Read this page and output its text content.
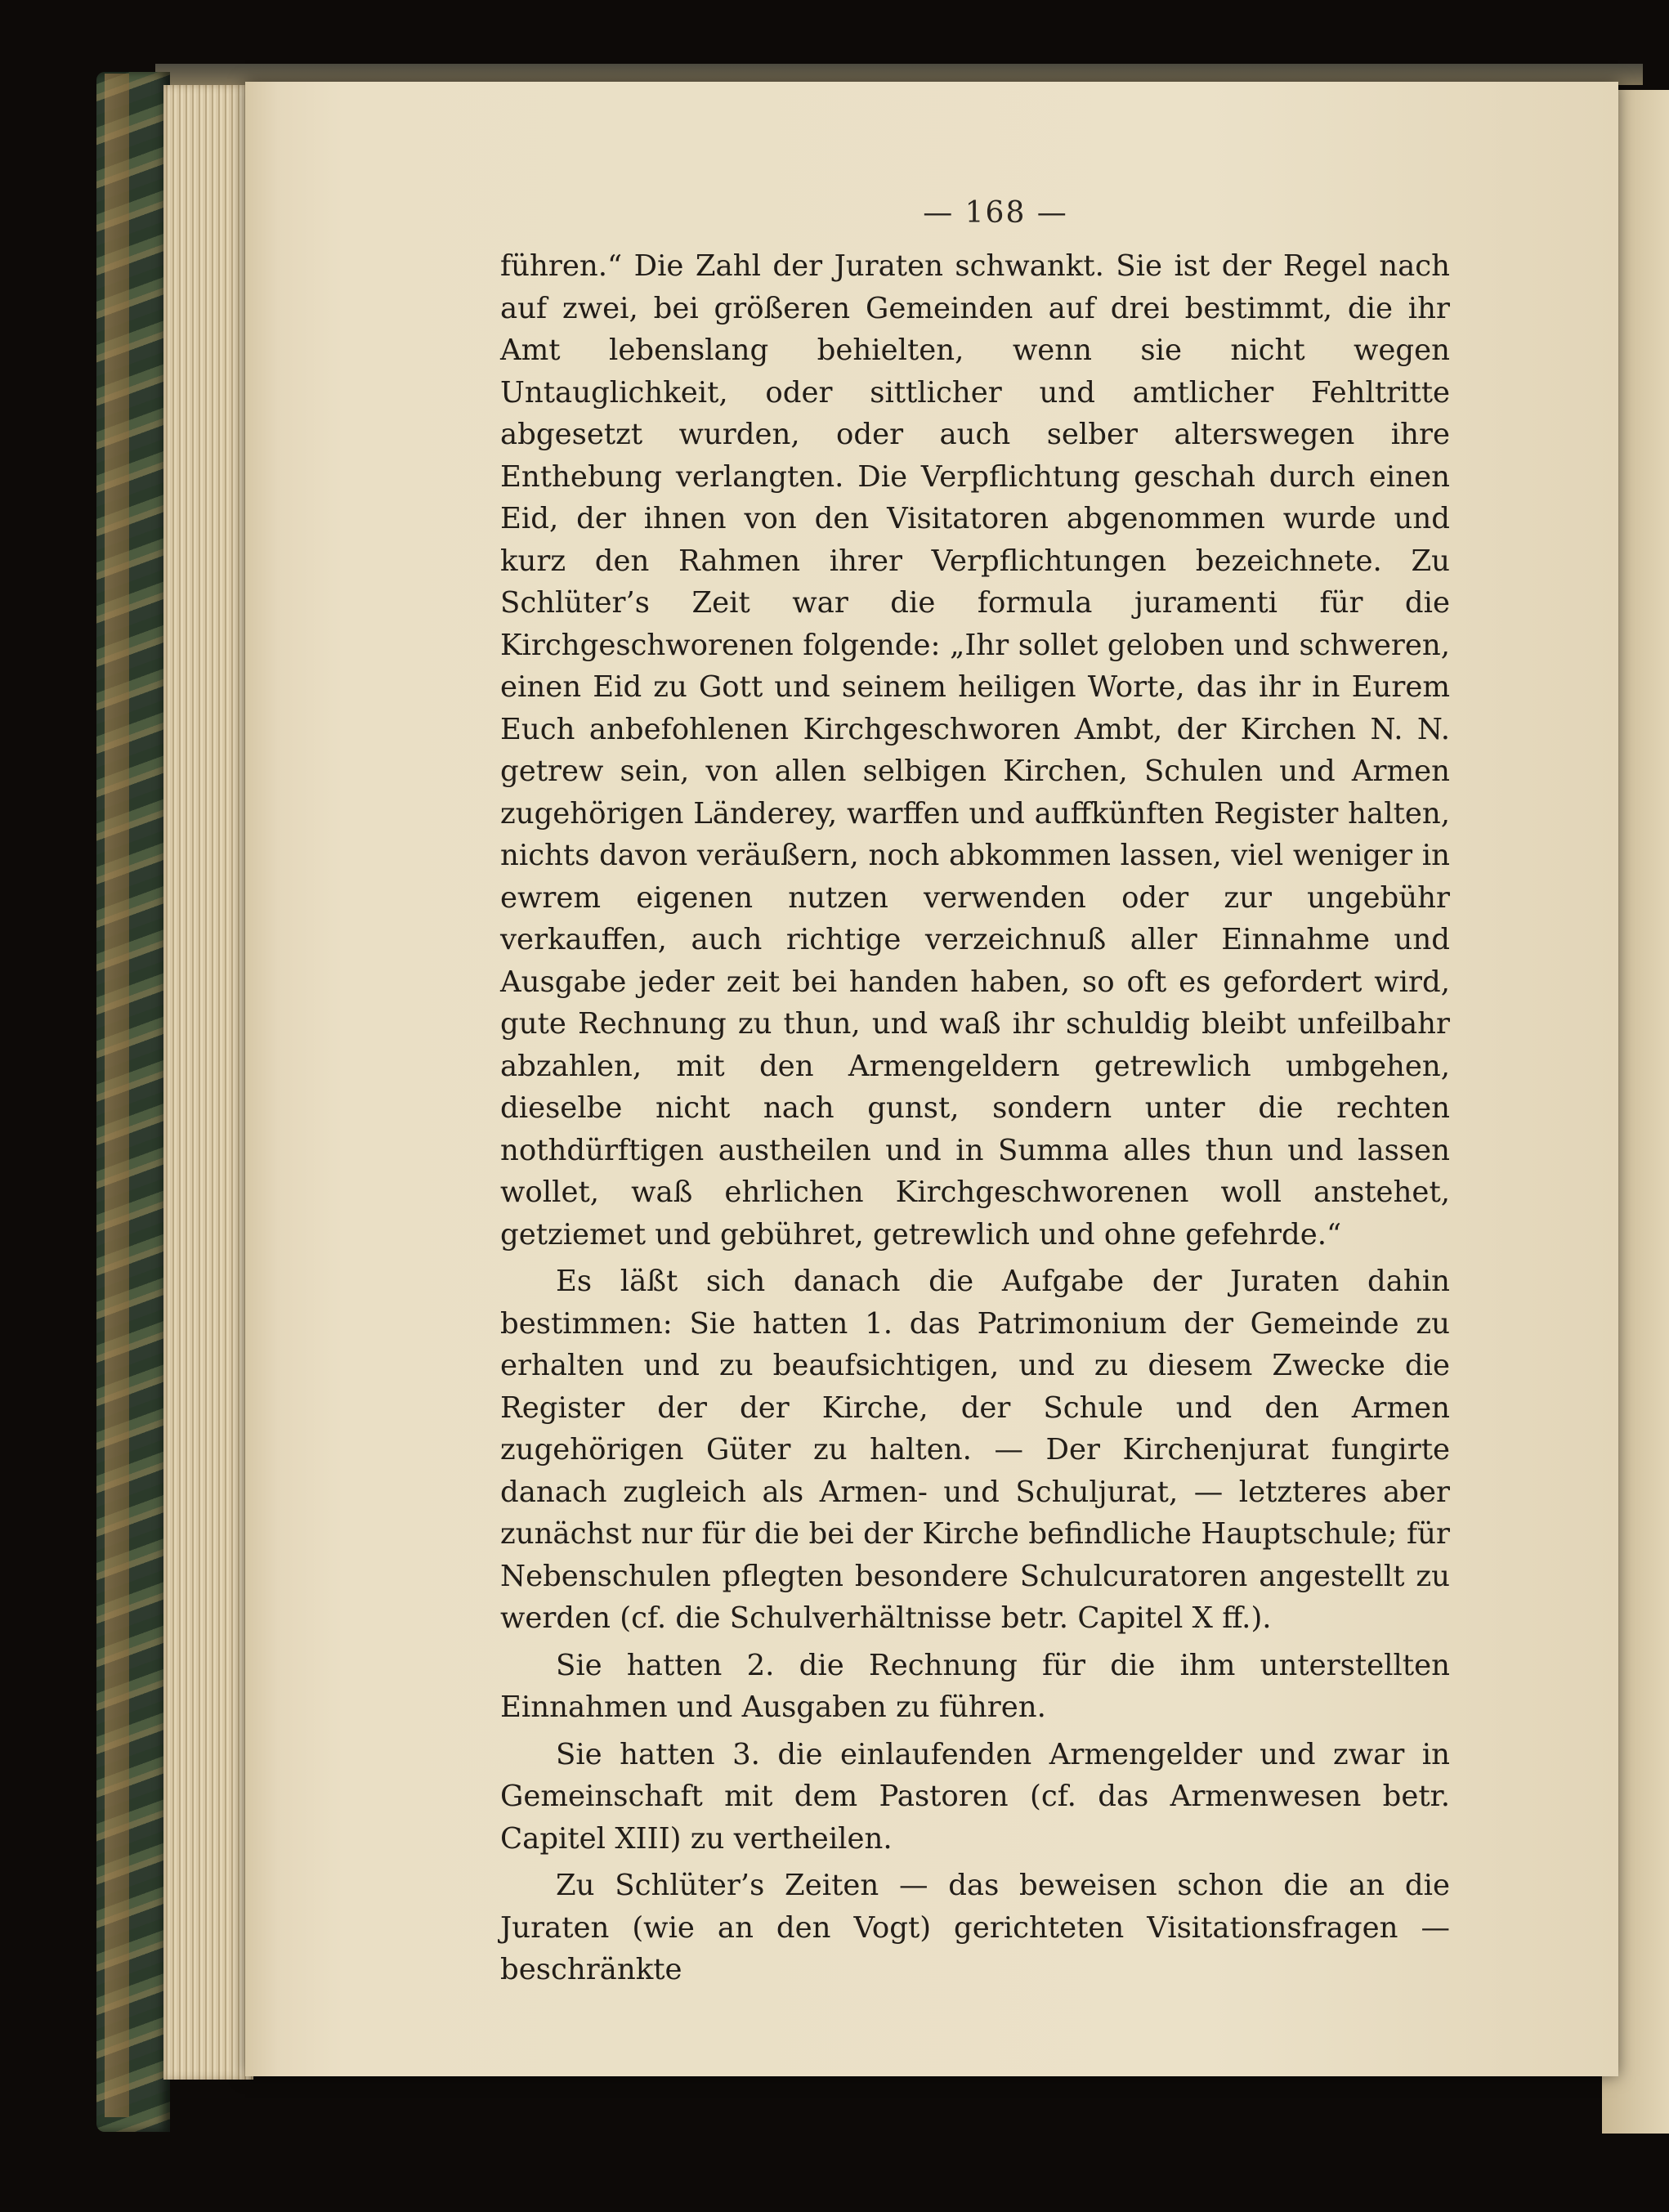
— 168 —

führen.“ Die Zahl der Juraten schwankt. Sie ist der Regel nach auf zwei, bei größeren Gemeinden auf drei bestimmt, die ihr Amt lebenslang behielten, wenn sie nicht wegen Untauglichkeit, oder sittlicher und amtlicher Fehltritte abgesetzt wurden, oder auch selber alterswegen ihre Enthebung verlangten. Die Verpflichtung geschah durch einen Eid, der ihnen von den Visitatoren abgenommen wurde und kurz den Rahmen ihrer Verpflichtungen bezeichnete. Zu Schlüter’s Zeit war die formula juramenti für die Kirchgeschworenen folgende: „Ihr sollet geloben und schweren, einen Eid zu Gott und seinem heiligen Worte, das ihr in Eurem Euch anbefohlenen Kirchgeschworen Ambt, der Kirchen N. N. getrew sein, von allen selbigen Kirchen, Schulen und Armen zugehörigen Länderey, warffen und auffkünften Register halten, nichts davon veräußern, noch abkommen lassen, viel weniger in ewrem eigenen nutzen verwenden oder zur ungebühr verkauffen, auch richtige verzeichnuß aller Einnahme und Ausgabe jeder zeit bei handen haben, so oft es gefordert wird, gute Rechnung zu thun, und waß ihr schuldig bleibt unfeilbahr abzahlen, mit den Armengeldern getrewlich umbgehen, dieselbe nicht nach gunst, sondern unter die rechten nothdürftigen austheilen und in Summa alles thun und lassen wollet, waß ehrlichen Kirchgeschworenen woll anstehet, getziemet und gebühret, getrewlich und ohne gefehrde.“

Es läßt sich danach die Aufgabe der Juraten dahin bestimmen: Sie hatten 1. das Patrimonium der Gemeinde zu erhalten und zu beaufsichtigen, und zu diesem Zwecke die Register der der Kirche, der Schule und den Armen zugehörigen Güter zu halten. — Der Kirchenjurat fungirte danach zugleich als Armen- und Schuljurat, — letzteres aber zunächst nur für die bei der Kirche befindliche Hauptschule; für Nebenschulen pflegten besondere Schulcuratoren angestellt zu werden (cf. die Schulverhältnisse betr. Capitel X ff.).

Sie hatten 2. die Rechnung für die ihm unterstellten Einnahmen und Ausgaben zu führen.

Sie hatten 3. die einlaufenden Armengelder und zwar in Gemeinschaft mit dem Pastoren (cf. das Armenwesen betr. Capitel XIII) zu vertheilen.

Zu Schlüter’s Zeiten — das beweisen schon die an die Juraten (wie an den Vogt) gerichteten Visitationsfragen — beschränkte
